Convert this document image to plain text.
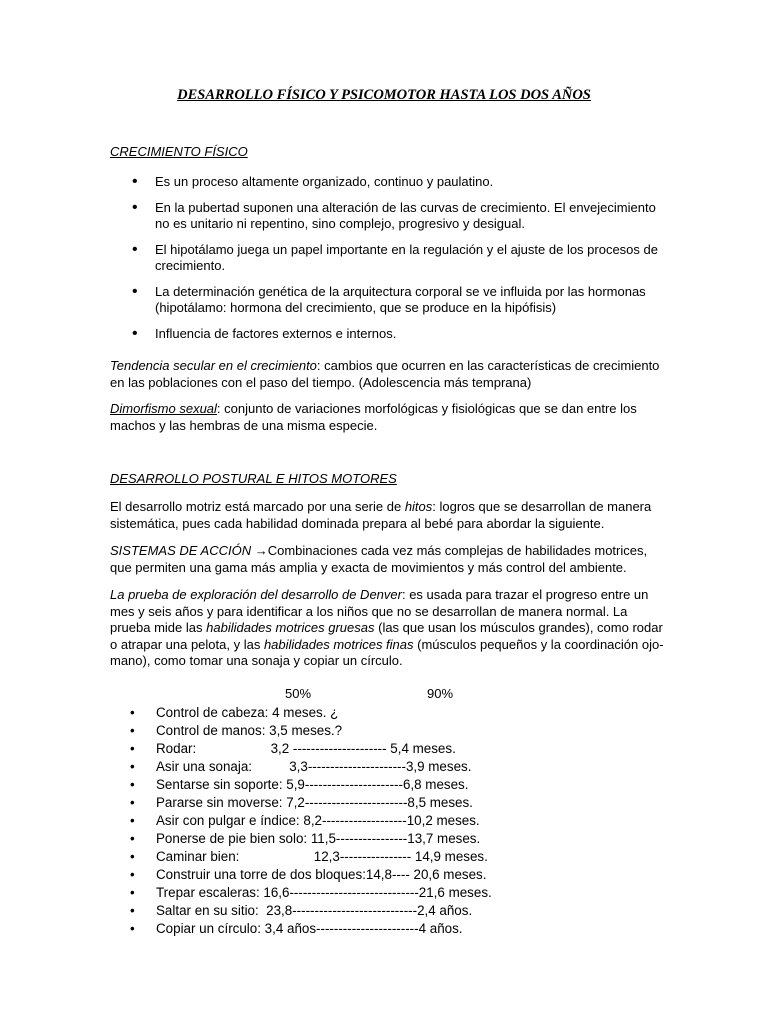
DESARROLLO FÍSICO Y PSICOMOTOR HASTA LOS DOS AÑOS
CRECIMIENTO FÍSICO
• Es un proceso altamente organizado, continuo y paulatino.
• En la pubertad suponen una alteración de las curvas de crecimiento. El envejecimiento no es unitario ni repentino, sino complejo, progresivo y desigual.
• El hipotálamo juega un papel importante en la regulación y el ajuste de los procesos de crecimiento.
• La determinación genética de la arquitectura corporal se ve influida por las hormonas (hipotálamo: hormona del crecimiento, que se produce en la hipófisis)
• Influencia de factores externos e internos.

Tendencia secular en el crecimiento: cambios que ocurren en las características de crecimiento en las poblaciones con el paso del tiempo. (Adolescencia más temprana)

Dimorfismo sexual: conjunto de variaciones morfológicas y fisiológicas que se dan entre los machos y las hembras de una misma especie.

DESARROLLO POSTURAL E HITOS MOTORES

El desarrollo motriz está marcado por una serie de hitos: logros que se desarrollan de manera sistemática, pues cada habilidad dominada prepara al bebé para abordar la siguiente.

SISTEMAS DE ACCIÓN →Combinaciones cada vez más complejas de habilidades motrices, que permiten una gama más amplia y exacta de movimientos y más control del ambiente.

La prueba de exploración del desarrollo de Denver: es usada para trazar el progreso entre un mes y seis años y para identificar a los niños que no se desarrollan de manera normal. La prueba mide las habilidades motrices gruesas (las que usan los músculos grandes), como rodar o atrapar una pelota, y las habilidades motrices finas (músculos pequeños y la coordinación ojo-mano), como tomar una sonaja y copiar un círculo.

50%	90%
• Control de cabeza: 4 meses. ¿
• Control de manos: 3,5 meses.?
• Rodar:                    3,2 --------------------- 5,4 meses.
• Asir una sonaja:          3,3----------------------3,9 meses.
• Sentarse sin soporte: 5,9----------------------6,8 meses.
• Pararse sin moverse: 7,2-----------------------8,5 meses.
• Asir con pulgar e índice: 8,2-------------------10,2 meses.
• Ponerse de pie bien solo: 11,5----------------13,7 meses.
• Caminar bien:                    12,3---------------- 14,9 meses.
• Construir una torre de dos bloques:14,8---- 20,6 meses.
• Trepar escaleras: 16,6-----------------------------21,6 meses.
• Saltar en su sitio:  23,8----------------------------2,4 años.
• Copiar un círculo: 3,4 años-----------------------4 años.
